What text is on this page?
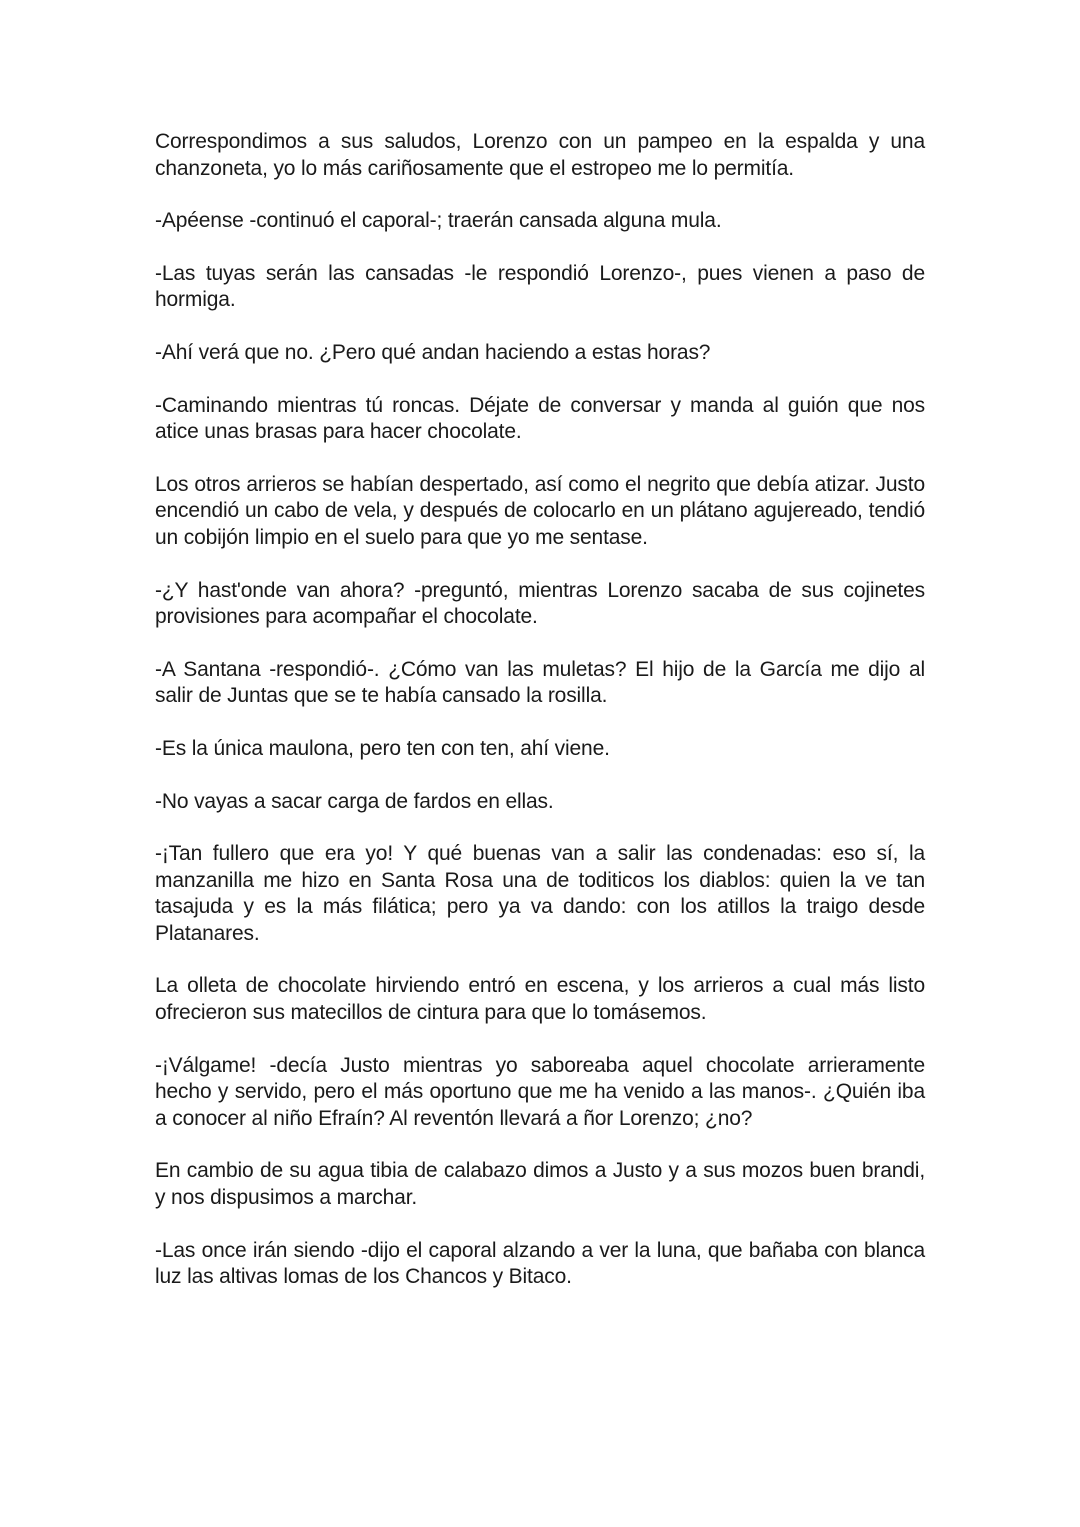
Correspondimos a sus saludos, Lorenzo con un pampeo en la espalda y una chanzoneta, yo lo más cariñosamente que el estropeo me lo permitía.

-Apéense -continuó el caporal-; traerán cansada alguna mula.

-Las tuyas serán las cansadas -le respondió Lorenzo-, pues vienen a paso de hormiga.

-Ahí verá que no. ¿Pero qué andan haciendo a estas horas?

-Caminando mientras tú roncas. Déjate de conversar y manda al guión que nos atice unas brasas para hacer chocolate.

Los otros arrieros se habían despertado, así como el negrito que debía atizar. Justo encendió un cabo de vela, y después de colocarlo en un plátano agujereado, tendió un cobijón limpio en el suelo para que yo me sentase.

-¿Y hast'onde van ahora? -preguntó, mientras Lorenzo sacaba de sus cojinetes provisiones para acompañar el chocolate.

-A Santana -respondió-. ¿Cómo van las muletas? El hijo de la García me dijo al salir de Juntas que se te había cansado la rosilla.

-Es la única maulona, pero ten con ten, ahí viene.

-No vayas a sacar carga de fardos en ellas.

-¡Tan fullero que era yo! Y qué buenas van a salir las condenadas: eso sí, la manzanilla me hizo en Santa Rosa una de toditicos los diablos: quien la ve tan tasajuda y es la más filática; pero ya va dando: con los atillos la traigo desde Platanares.

La olleta de chocolate hirviendo entró en escena, y los arrieros a cual más listo ofrecieron sus matecillos de cintura para que lo tomásemos.

-¡Válgame! -decía Justo mientras yo saboreaba aquel chocolate arrieramente hecho y servido, pero el más oportuno que me ha venido a las manos-. ¿Quién iba a conocer al niño Efraín? Al reventón llevará a ñor Lorenzo; ¿no?

En cambio de su agua tibia de calabazo dimos a Justo y a sus mozos buen brandi, y nos dispusimos a marchar.

-Las once irán siendo -dijo el caporal alzando a ver la luna, que bañaba con blanca luz las altivas lomas de los Chancos y Bitaco.
